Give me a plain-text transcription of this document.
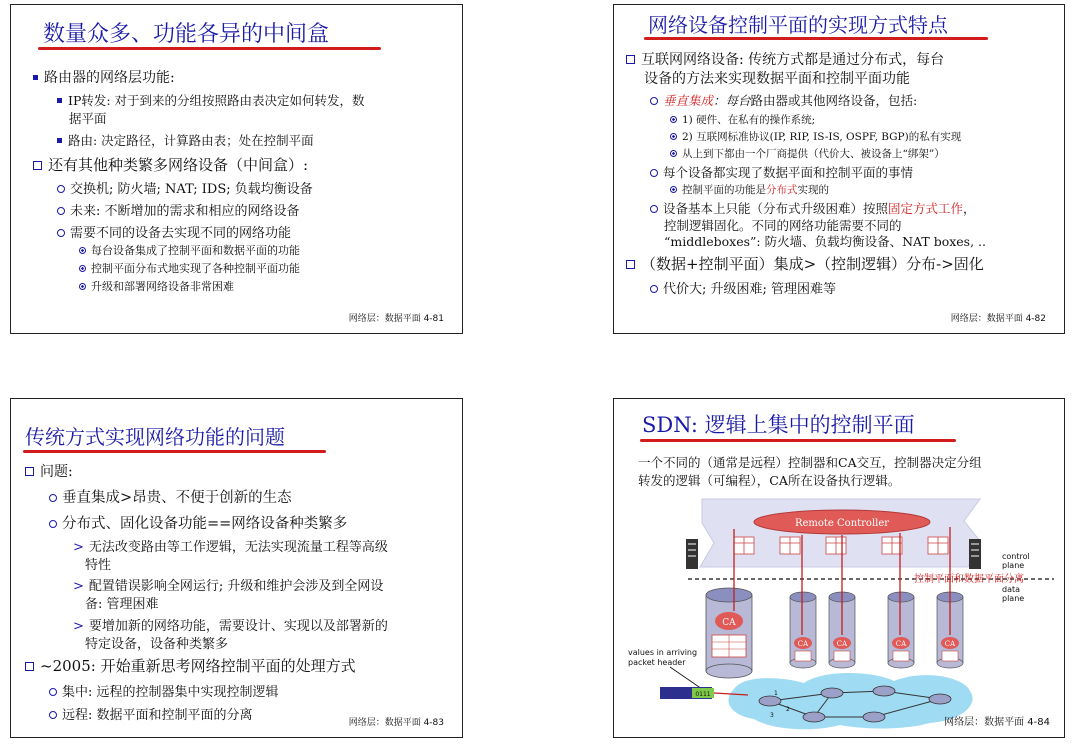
数量众多、功能各异的中间盒
路由器的网络层功能:
IP转发: 对于到来的分组按照路由表决定如何转发，数
据平面
路由: 决定路径，计算路由表；处在控制平面
还有其他种类繁多网络设备（中间盒）:
交换机; 防火墙; NAT; IDS; 负载均衡设备
未来: 不断增加的需求和相应的网络设备
需要不同的设备去实现不同的网络功能
每台设备集成了控制平面和数据平面的功能
控制平面分布式地实现了各种控制平面功能
升级和部署网络设备非常困难
网络层：数据平面 4-81
网络设备控制平面的实现方式特点
互联网网络设备: 传统方式都是通过分布式，每台
设备的方法来实现数据平面和控制平面功能
垂直集成：每台路由器或其他网络设备，包括:
1) 硬件、在私有的操作系统;
2) 互联网标准协议(IP, RIP, IS-IS, OSPF, BGP)的私有实现
从上到下都由一个厂商提供（代价大、被设备上“绑架”）
每个设备都实现了数据平面和控制平面的事情
控制平面的功能是分布式实现的
设备基本上只能（分布式升级困难）按照固定方式工作，
控制逻辑固化。不同的网络功能需要不同的
“middleboxes”: 防火墙、负载均衡设备、NAT boxes, ..
（数据+控制平面）集成>（控制逻辑）分布->固化
代价大; 升级困难; 管理困难等
网络层：数据平面 4-82
传统方式实现网络功能的问题
问题:
垂直集成>昂贵、不便于创新的生态
分布式、固化设备功能==网络设备种类繁多
> 无法改变路由等工作逻辑，无法实现流量工程等高级
特性
> 配置错误影响全网运行; 升级和维护会涉及到全网设
备: 管理困难
> 要增加新的网络功能，需要设计、实现以及部署新的
特定设备，设备种类繁多
~2005: 开始重新思考网络控制平面的处理方式
集中: 远程的控制器集中实现控制逻辑
远程: 数据平面和控制平面的分离	网络层：数据平面 4-83
SDN: 逻辑上集中的控制平面
一个不同的（通常是远程）控制器和CA交互，控制器决定分组
转发的逻辑（可编程），CA所在设备执行逻辑。
Remote Controller
control
plane
data
plane
控制平面和数据平面分离
CA
CA	CA	CA	CA
values in arriving
packet header
0111	1
2
3
网络层：数据平面 4-84
